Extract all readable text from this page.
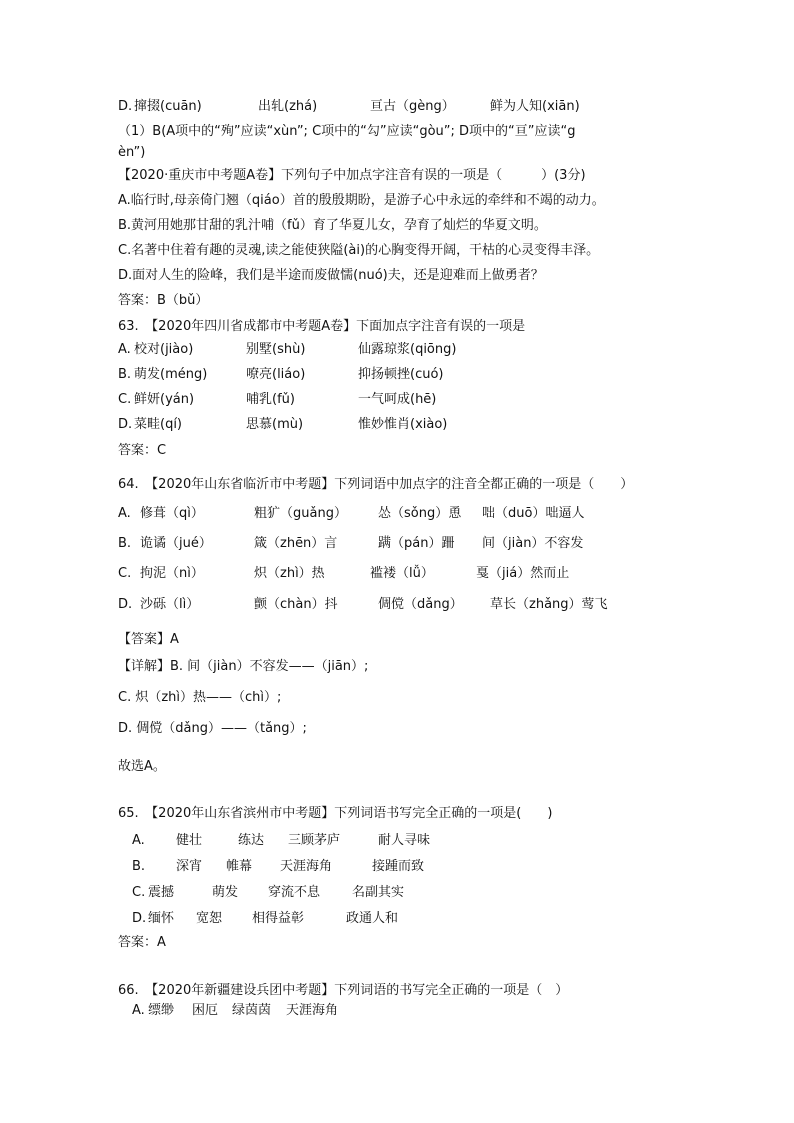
D. 撺掇(cuān)	出轧(zhá)	亘古（gèng）	鲜为人知(xiān)
（1）B(A项中的“殉”应读“xùn”; C项中的“勾”应读“gòu”; D项中的“亘”应读“g
èn”)
【2020·重庆市中考题A卷】下列句子中加点字注音有误的一项是（　　　）(3分)
A.临行时,母亲倚门翘（qiáo）首的殷殷期盼，是游子心中永远的牵绊和不竭的动力。
B.黄河用她那甘甜的乳汁哺（fǔ）育了华夏儿女，孕育了灿烂的华夏文明。
C.名著中住着有趣的灵魂,读之能使狭隘(ài)的心胸变得开阔，干枯的心灵变得丰泽。
D.面对人生的险峰，我们是半途而废做懦(nuó)夫，还是迎难而上做勇者？
答案：B（bǔ）
63.　【2020年四川省成都市中考题A卷】下面加点字注音有误的一项是
A. 校对(jiào)	别墅(shù)	仙露琼浆(qiōng)
B. 萌发(méng)	嘹亮(liáo)	抑扬顿挫(cuó)
C. 鲜妍(yán)	哺乳(fǔ)	一气呵成(hē)
D. 菜畦(qí)	思慕(mù)	惟妙惟肖(xiào)
答案：C
64.　【2020年山东省临沂市中考题】下列词语中加点字的注音全都正确的一项是（　　）
A. 修葺（qì）	粗犷（guǎng） 怂（sǒng）恿 咄（duō）咄逼人
B. 诡谲（jué）	箴（zhēn）言	蹒（pán）跚 间（jiàn）不容发
C. 拘泥（nì）	炽（zhì）热	褴褛（lǚ）	戛（jiá）然而止
D. 沙砾（lì）	颤（chàn）抖	倜傥（dǎng） 草长（zhǎng）莺飞
【答案】A
【详解】B. 间（jiàn）不容发——（jiān）;
C. 炽（zhì）热——（chì）;
D. 倜傥（dǎng）——（tǎng）;
故选A。
65.　【2020年山东省滨州市中考题】下列词语书写完全正确的一项是(　　)
A. 健壮	练达 三顾茅庐	耐人寻味
B. 深宵 帷幕 天涯海角	接踵而致
C. 震撼	萌发 穿流不息 名副其实
D. 缅怀 宽恕 相得益彰	政通人和
答案：A
66.　【2020年新疆建设兵团中考题】下列词语的书写完全正确的一项是（　）
A. 缥缈 困厄 绿茵茵 天涯海角
